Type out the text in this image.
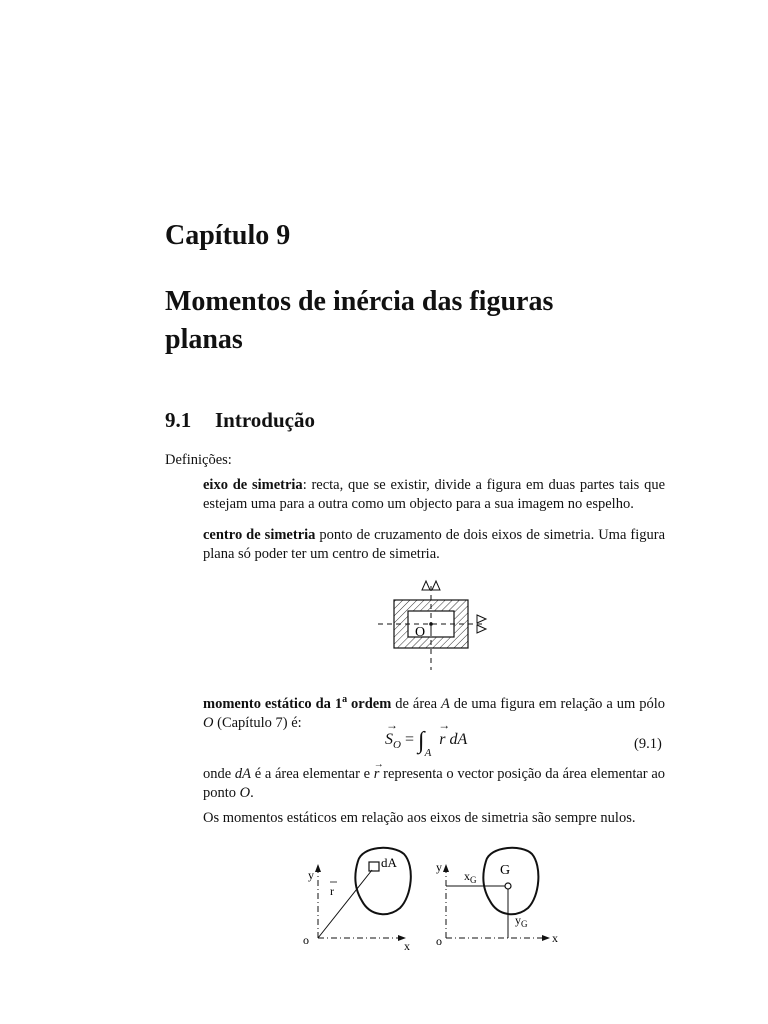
Capítulo 9
Momentos de inércia das figuras
planas
9.1 Introdução
Definições:
eixo de simetria: recta, que se existir, divide a figura em duas partes tais que estejam uma para a outra como um objecto para a sua imagem no espelho.
centro de simetria ponto de cruzamento de dois eixos de simetria. Uma figura plana só poder ter um centro de simetria.
O
momento estático da 1$^a$ ordem de área A de uma figura em relação a um pólo O (Capítulo 7) é:	→
$S_O = \int_A$
→
r dA	(9.1)
onde dA é a área elementar e
→
r representa o vector posição da área elementar ao ponto O.
Os momentos estáticos em relação aos eixos de simetria são sempre nulos.
y
x
o
r
dA	y
x
o
G
$x_G$
$y_G$
